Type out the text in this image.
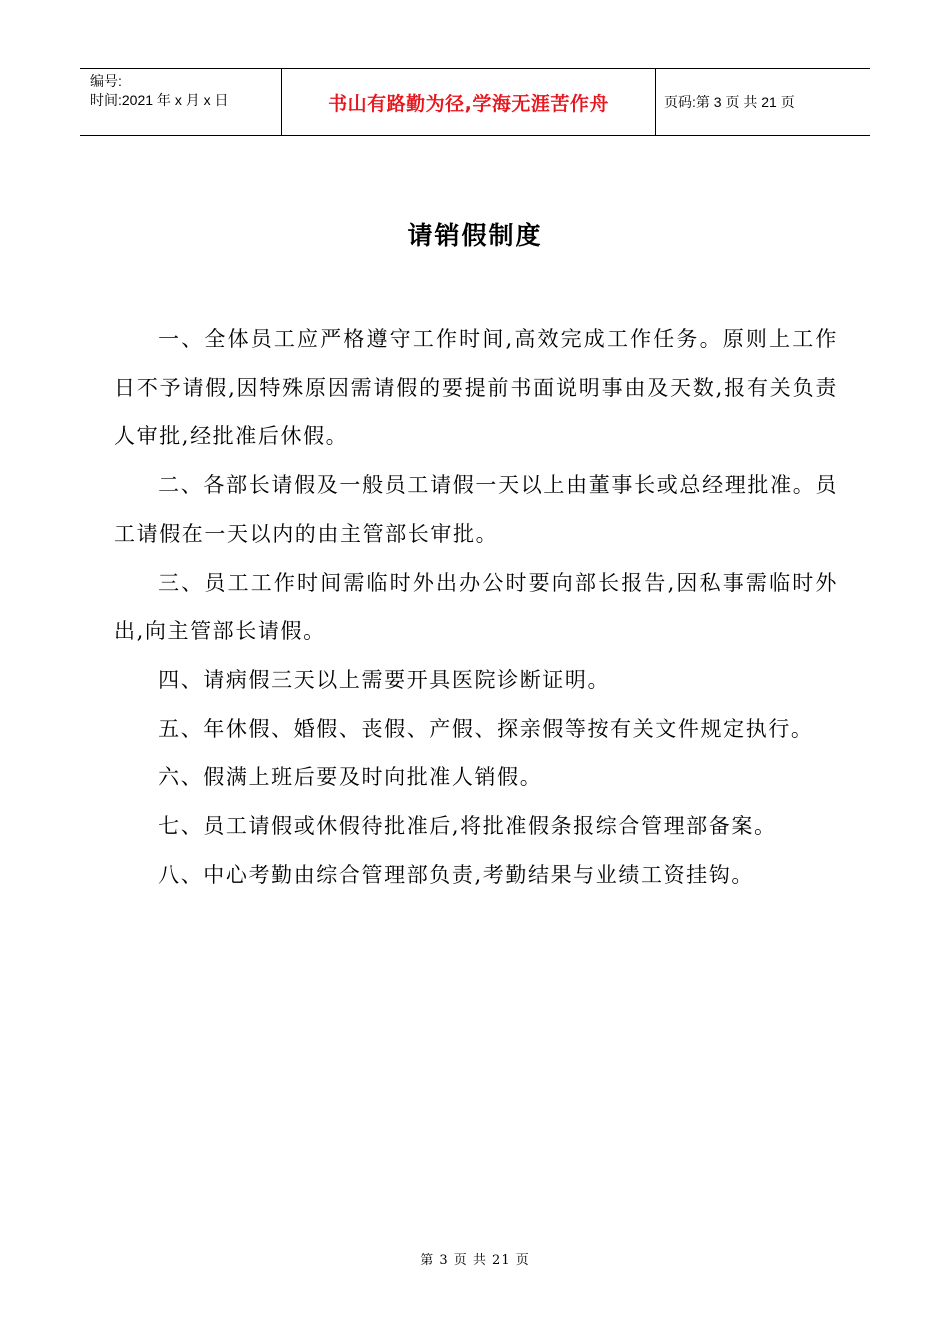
编号:
时间:2021 年 x 月 x 日	书山有路勤为径,学海无涯苦作舟	页码:第 3 页 共 21 页
请销假制度

一、全体员工应严格遵守工作时间,高效完成工作任务。原则上工作日不予请假,因特殊原因需请假的要提前书面说明事由及天数,报有关负责人审批,经批准后休假。

二、各部长请假及一般员工请假一天以上由董事长或总经理批准。员工请假在一天以内的由主管部长审批。

三、员工工作时间需临时外出办公时要向部长报告,因私事需临时外出,向主管部长请假。

四、请病假三天以上需要开具医院诊断证明。

五、年休假、婚假、丧假、产假、探亲假等按有关文件规定执行。

六、假满上班后要及时向批准人销假。

七、员工请假或休假待批准后,将批准假条报综合管理部备案。

八、中心考勤由综合管理部负责,考勤结果与业绩工资挂钩。

第 3 页 共 21 页
